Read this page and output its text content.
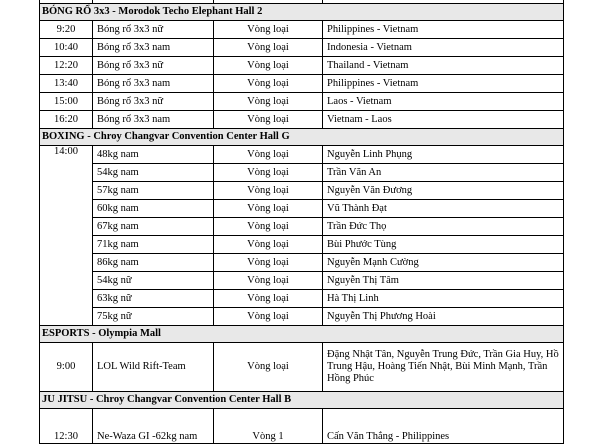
BÓNG RỔ 3x3 - Morodok Techo Elephant Hall 2			
9:20	Bóng rổ 3x3 nữ	Vòng loại	Philippines - Vietnam
10:40	Bóng rổ 3x3 nam	Vòng loại	Indonesia - Vietnam
12:20	Bóng rổ 3x3 nữ	Vòng loại	Thailand - Vietnam
13:40	Bóng rổ 3x3 nam	Vòng loại	Philippines - Vietnam
15:00	Bóng rổ 3x3 nữ	Vòng loại	Laos - Vietnam
16:20	Bóng rổ 3x3 nam	Vòng loại	Vietnam - Laos
BOXING - Chroy Changvar Convention Center Hall G			
14:00	48kg nam	Vòng loại	Nguyễn Linh Phụng
	54kg nam	Vòng loại	Trần Văn An
	57kg nam	Vòng loại	Nguyễn Văn Đương
	60kg nam	Vòng loại	Vũ Thành Đạt
	67kg nam	Vòng loại	Trần Đức Thọ
	71kg nam	Vòng loại	Bùi Phước Tùng
	86kg nam	Vòng loại	Nguyễn Mạnh Cường
	54kg nữ	Vòng loại	Nguyễn Thị Tâm
	63kg nữ	Vòng loại	Hà Thị Linh
	75kg nữ	Vòng loại	Nguyễn Thị Phương Hoài
ESPORTS - Olympia Mall			
9:00	LOL Wild Rift-Team	Vòng loại	Đặng Nhật Tân, Nguyễn Trung Đức, Trần Gia Huy, Hồ Trung Hậu, Hoàng Tiến Nhật, Bùi Minh Mạnh, Trần Hồng Phúc
JU JITSU - Chroy Changvar Convention Center Hall B			
12:30	Ne-Waza GI -62kg nam	Vòng 1	Cấn Văn Thắng - Philippines
